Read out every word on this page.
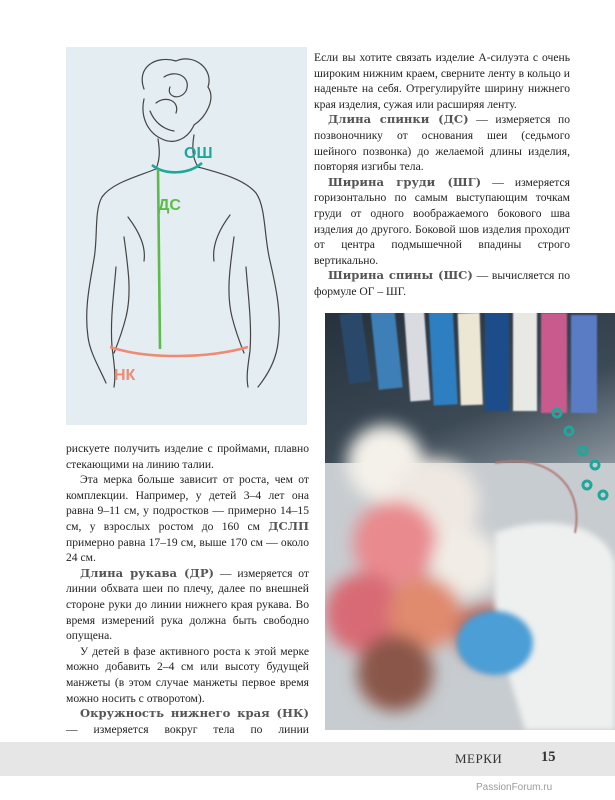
ОШ
ДС
НК

Если вы хотите связать изделие А-силуэта с очень широким нижним краем, сверните ленту в кольцо и наденьте на себя. Отрегулируйте ширину нижнего края изделия, сужая или расширяя ленту.

Длина спинки (ДС) — измеряется по позвоночнику от основания шеи (седьмого шейного позвонка) до желаемой длины изделия, повторяя изгибы тела.

Ширина груди (ШГ) — измеряется горизонтально по самым выступающим точкам груди от одного воображаемого бокового шва изделия до другого. Боковой шов изделия проходит от центра подмышечной впадины строго вертикально.

Ширина спины (ШС) — вычисляется по формуле ОГ – ШГ.

рискуете получить изделие с проймами, плавно стекающими на линию талии.

Эта мерка больше зависит от роста, чем от комплекции. Например, у детей 3–4 лет она равна 9–11 см, у подростков — примерно 14–15 см, у взрослых ростом до 160 см ДСЛП примерно равна 17–19 см, выше 170 см — около 24 см.

Длина рукава (ДР) — измеряется от линии обхвата шеи по плечу, далее по внешней стороне руки до линии нижнего края рукава. Во время измерений рука должна быть свободно опущена.

У детей в фазе активного роста к этой мерке можно добавить 2–4 см или высоту будущей манжеты (в этом случае манжеты первое время можно носить с отворотом).

Окружность нижнего края (НК) — измеряется вокруг тела по линии

МЕРКИ	15
PassionForum.ru
